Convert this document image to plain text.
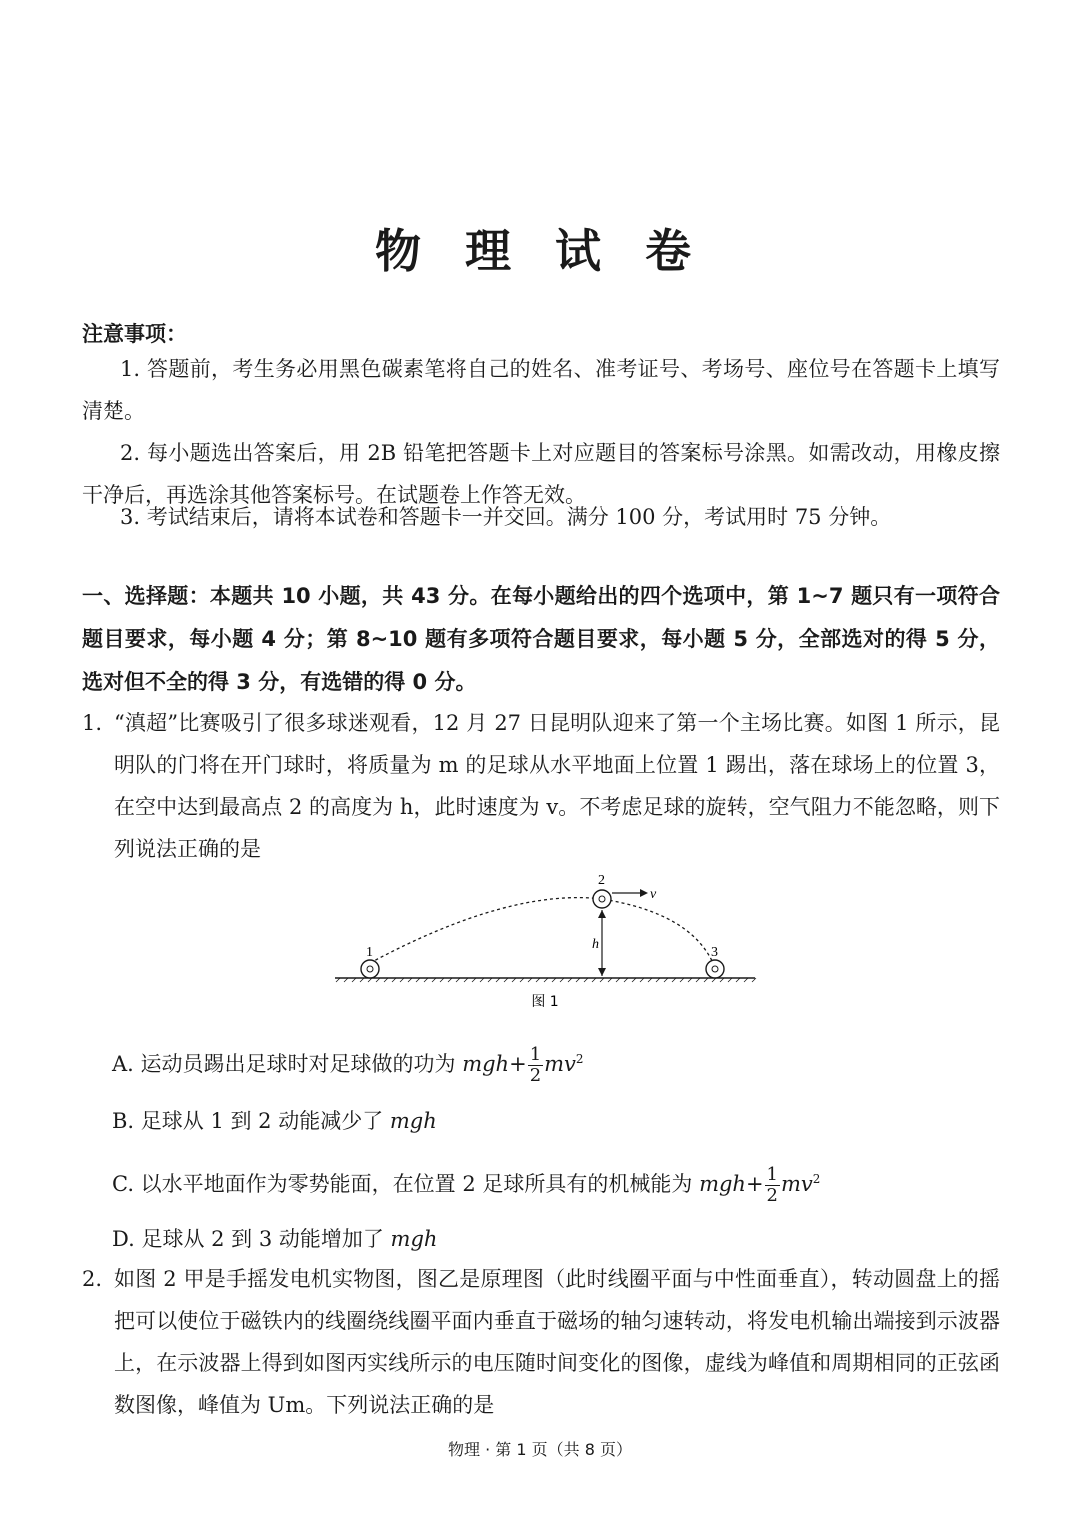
物 理 试 卷
注意事项：
1. 答题前，考生务必用黑色碳素笔将自己的姓名、准考证号、考场号、座位号在答题卡上填写清楚。
2. 每小题选出答案后，用 2B 铅笔把答题卡上对应题目的答案标号涂黑。如需改动，用橡皮擦干净后，再选涂其他答案标号。在试题卷上作答无效。
3. 考试结束后，请将本试卷和答题卡一并交回。满分 100 分，考试用时 75 分钟。
一、选择题：本题共 10 小题，共 43 分。在每小题给出的四个选项中，第 1~7 题只有一项符合题目要求，每小题 4 分；第 8~10 题有多项符合题目要求，每小题 5 分，全部选对的得 5 分，选对但不全的得 3 分，有选错的得 0 分。
1. “滇超”比赛吸引了很多球迷观看，12 月 27 日昆明队迎来了第一个主场比赛。如图 1 所示，昆明队的门将在开门球时，将质量为 m 的足球从水平地面上位置 1 踢出，落在球场上的位置 3，在空中达到最高点 2 的高度为 h，此时速度为 v。不考虑足球的旋转，空气阻力不能忽略，则下列说法正确的是
1
2
3
h
v
图 1
A. 运动员踢出足球时对足球做的功为 $mgh+ \frac{1}{2} mv^2$
B. 足球从 1 到 2 动能减少了 mgh
C. 以水平地面作为零势能面，在位置 2 足球所具有的机械能为 $mgh+ \frac{1}{2} mv^2$
D. 足球从 2 到 3 动能增加了 mgh
2. 如图 2 甲是手摇发电机实物图，图乙是原理图（此时线圈平面与中性面垂直），转动圆盘上的摇把可以使位于磁铁内的线圈绕线圈平面内垂直于磁场的轴匀速转动，将发电机输出端接到示波器上，在示波器上得到如图丙实线所示的电压随时间变化的图像，虚线为峰值和周期相同的正弦函数图像，峰值为 Um。下列说法正确的是
物理 · 第 1 页（共 8 页）
